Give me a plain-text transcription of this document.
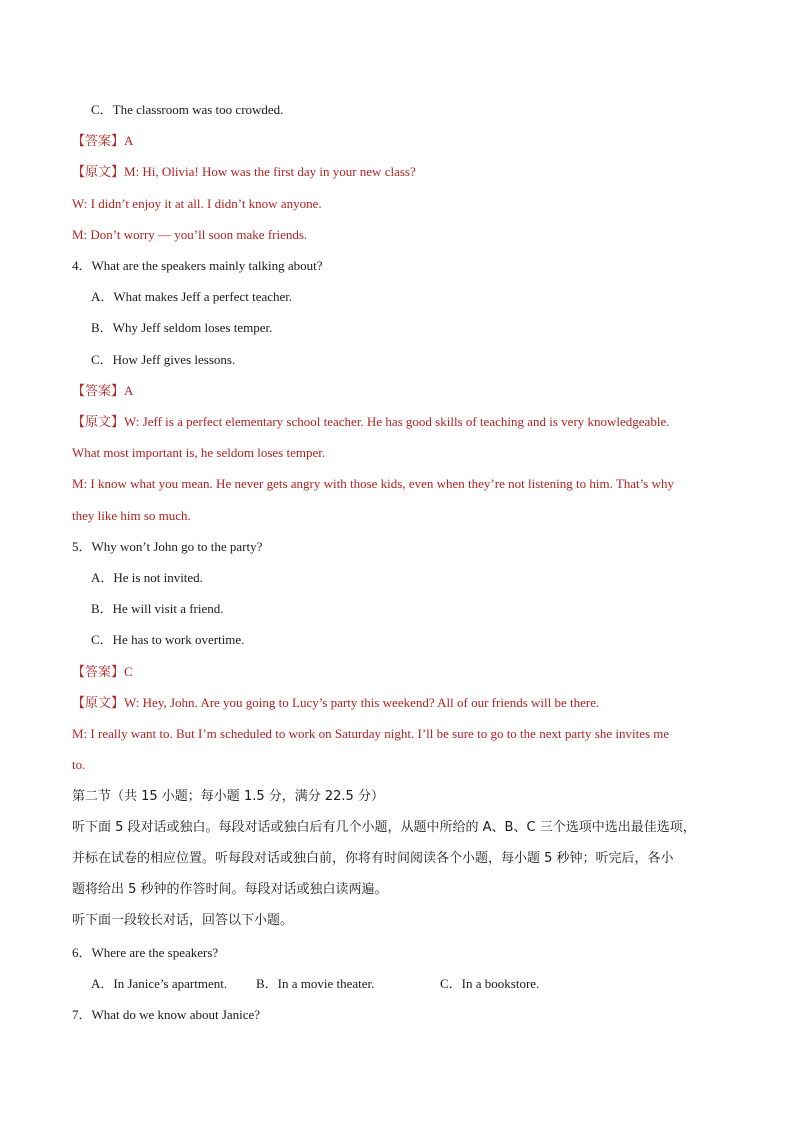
C．The classroom was too crowded.
【答案】A
【原文】M: Hi, Olivia! How was the first day in your new class?
W: I didn’t enjoy it at all. I didn’t know anyone.
M: Don’t worry — you’ll soon make friends.
4．What are the speakers mainly talking about?
A．What makes Jeff a perfect teacher.
B．Why Jeff seldom loses temper.
C．How Jeff gives lessons.
【答案】A
【原文】W: Jeff is a perfect elementary school teacher. He has good skills of teaching and is very knowledgeable.
What most important is, he seldom loses temper.
M: I know what you mean. He never gets angry with those kids, even when they’re not listening to him. That’s why
they like him so much.
5．Why won’t John go to the party?
A．He is not invited.
B．He will visit a friend.
C．He has to work overtime.
【答案】C
【原文】W: Hey, John. Are you going to Lucy’s party this weekend? All of our friends will be there.
M: I really want to. But I’m scheduled to work on Saturday night. I’ll be sure to go to the next party she invites me
to.
第二节（共 15 小题；每小题 1.5 分，满分 22.5 分）
听下面 5 段对话或独白。每段对话或独白后有几个小题，从题中所给的 A、B、C 三个选项中选出最佳选项，
并标在试卷的相应位置。听每段对话或独白前，你将有时间阅读各个小题，每小题 5 秒钟；听完后，各小
题将给出 5 秒钟的作答时间。每段对话或独白读两遍。
听下面一段较长对话，回答以下小题。
6．Where are the speakers?
A．In Janice’s apartment. B．In a movie theater.	C．In a bookstore.
7．What do we know about Janice?
